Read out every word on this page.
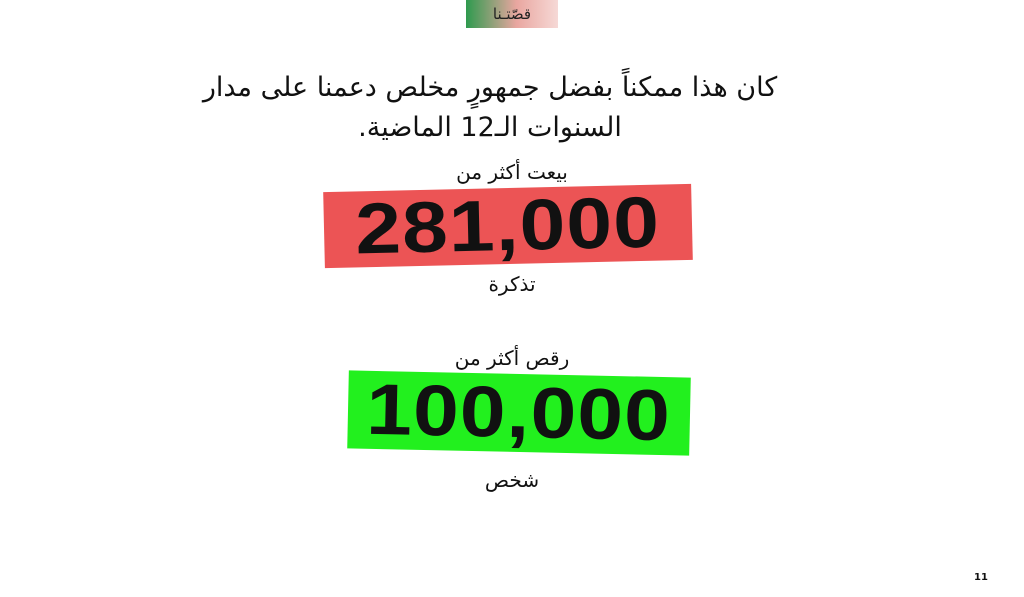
قصّتـنا
كان هذا ممكناً بفضل جمهورٍ مخلص دعمنا على مدار
السنوات الـ12 الماضية.
بيعت أكثر من
281,000
تذكرة
رقص أكثر من
100,000
شخص
11
